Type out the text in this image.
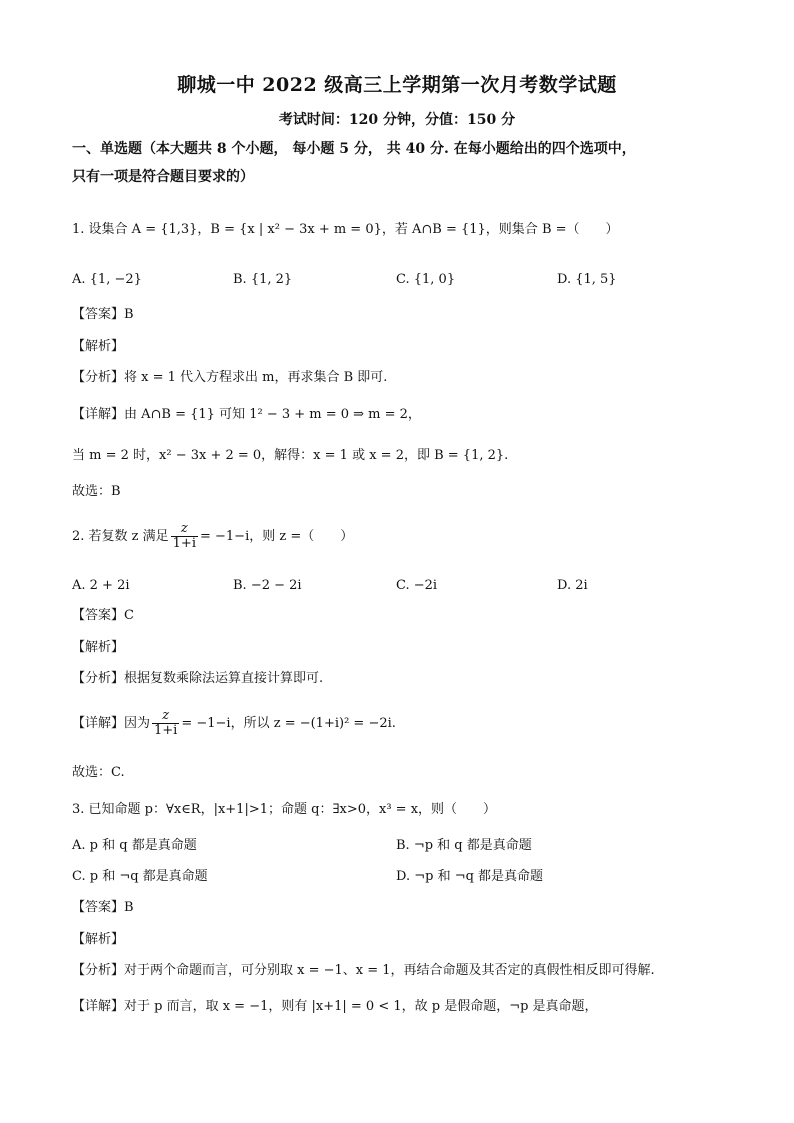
聊城一中 2022 级高三上学期第一次月考数学试题
考试时间：120 分钟，分值：150 分
一、单选题（本大题共 8 个小题， 每小题 5 分， 共 40 分. 在每小题给出的四个选项中，
只有一项是符合题目要求的）
1. 设集合 A = {1,3}，B = {x | x² − 3x + m = 0}，若 A∩B = {1}，则集合 B =（　　）
A. {1, −2}	B. {1, 2}	C. {1, 0}	D. {1, 5}
【答案】B
【解析】
【分析】将 x = 1 代入方程求出 m，再求集合 B 即可.
【详解】由 A∩B = {1} 可知 1² − 3 + m = 0 ⇒ m = 2，
当 m = 2 时，x² − 3x + 2 = 0，解得：x = 1 或 x = 2，即 B = {1, 2}.
故选：B
2. 若复数 z 满足 $\frac{z}{1+i} = -1-i$，则 z =（　　）
A. 2 + 2i	B. −2 − 2i	C. −2i	D. 2i
【答案】C
【解析】
【分析】根据复数乘除法运算直接计算即可.
【详解】因为 $\frac{z}{1+i} = -1-i$，所以 z = −(1+i)² = −2i.
故选：C.
3. 已知命题 p：∀x∈R，|x+1|>1；命题 q：∃x>0，x³ = x，则（　　）
A. p 和 q 都是真命题	B. ¬p 和 q 都是真命题
C. p 和 ¬q 都是真命题	D. ¬p 和 ¬q 都是真命题
【答案】B
【解析】
【分析】对于两个命题而言，可分别取 x = −1、x = 1，再结合命题及其否定的真假性相反即可得解.
【详解】对于 p 而言，取 x = −1，则有 |x+1| = 0 < 1，故 p 是假命题，¬p 是真命题，
